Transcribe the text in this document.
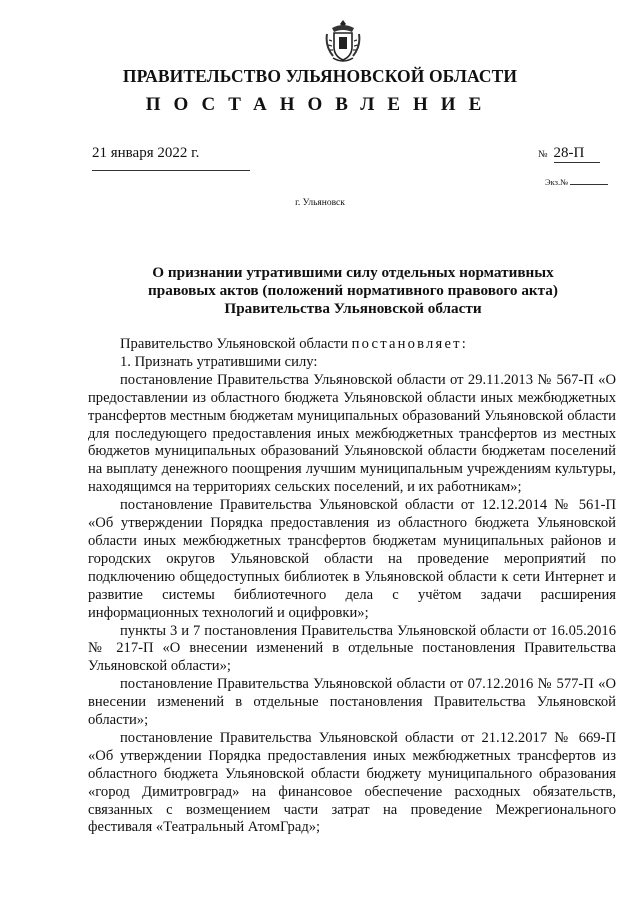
ПРАВИТЕЛЬСТВО УЛЬЯНОВСКОЙ ОБЛАСТИ
ПОСТАНОВЛЕНИЕ
21 января 2022 г.	№ 28-П
Экз.№
г. Ульяновск
О признании утратившими силу отдельных нормативных
правовых актов (положений нормативного правового акта)
Правительства Ульяновской области

Правительство Ульяновской области постановляет:

1. Признать утратившими силу:

постановление Правительства Ульяновской области от 29.11.2013 № 567-П «О предоставлении из областного бюджета Ульяновской области иных межбюджетных трансфертов местным бюджетам муниципальных образований Ульяновской области для последующего предоставления иных межбюджетных трансфертов из местных бюджетов муниципальных образований Ульяновской области бюджетам поселений на выплату денежного поощрения лучшим муниципальным учреждениям культуры, находящимся на территориях сельских поселений, и их работникам»;

постановление Правительства Ульяновской области от 12.12.2014 № 561-П «Об утверждении Порядка предоставления из областного бюджета Ульяновской области иных межбюджетных трансфертов бюджетам муниципальных районов и городских округов Ульяновской области на проведение мероприятий по подключению общедоступных библиотек в Ульяновской области к сети Интернет и развитие системы библиотечного дела с учётом задачи расширения информационных технологий и оцифровки»;

пункты 3 и 7 постановления Правительства Ульяновской области от 16.05.2016 № 217-П «О внесении изменений в отдельные постановления Правительства Ульяновской области»;

постановление Правительства Ульяновской области от 07.12.2016 № 577-П «О внесении изменений в отдельные постановления Правительства Ульяновской области»;

постановление Правительства Ульяновской области от 21.12.2017 № 669-П «Об утверждении Порядка предоставления иных межбюджетных трансфертов из областного бюджета Ульяновской области бюджету муниципального образования «город Димитровград» на финансовое обеспечение расходных обязательств, связанных с возмещением части затрат на проведение Межрегионального фестиваля «Театральный АтомГрад»;
